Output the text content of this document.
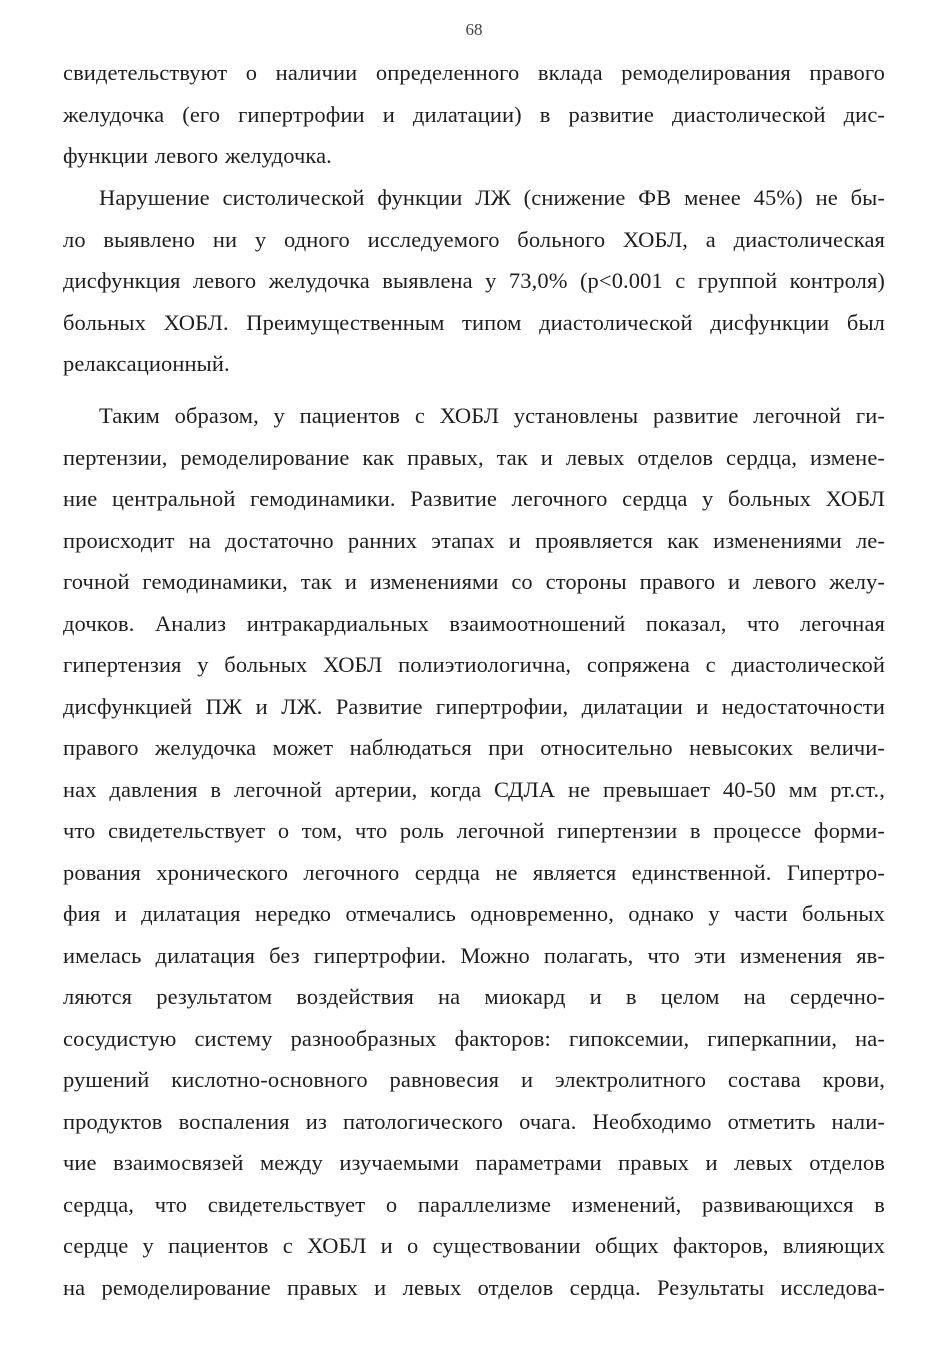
68
свидетельствуют о наличии определенного вклада ремоделирования правого
желудочка (его гипертрофии и дилатации) в развитие диастолической дис-
функции левого желудочка.
Нарушение систолической функции ЛЖ (снижение ФВ менее 45%) не бы-
ло выявлено ни у одного исследуемого больного ХОБЛ, а диастолическая
дисфункция левого желудочка выявлена у 73,0% (р<0.001 с группой контроля)
больных ХОБЛ. Преимущественным типом диастолической дисфункции был
релаксационный.
Таким образом, у пациентов с ХОБЛ установлены развитие легочной ги-
пертензии, ремоделирование как правых, так и левых отделов сердца, измене-
ние центральной гемодинамики. Развитие легочного сердца у больных ХОБЛ
происходит на достаточно ранних этапах и проявляется как изменениями ле-
гочной гемодинамики, так и изменениями со стороны правого и левого желу-
дочков. Анализ интракардиальных взаимоотношений показал, что легочная
гипертензия у больных ХОБЛ полиэтиологична, сопряжена с диастолической
дисфункцией ПЖ и ЛЖ. Развитие гипертрофии, дилатации и недостаточности
правого желудочка может наблюдаться при относительно невысоких величи-
нах давления в легочной артерии, когда СДЛА не превышает 40-50 мм рт.ст.,
что свидетельствует о том, что роль легочной гипертензии в процессе форми-
рования хронического легочного сердца не является единственной. Гипертро-
фия и дилатация нередко отмечались одновременно, однако у части больных
имелась дилатация без гипертрофии. Можно полагать, что эти изменения яв-
ляются результатом воздействия на миокард и в целом на сердечно-
сосудистую систему разнообразных факторов: гипоксемии, гиперкапнии, на-
рушений кислотно-основного равновесия и электролитного состава крови,
продуктов воспаления из патологического очага. Необходимо отметить нали-
чие взаимосвязей между изучаемыми параметрами правых и левых отделов
сердца, что свидетельствует о параллелизме изменений, развивающихся в
сердце у пациентов с ХОБЛ и о существовании общих факторов, влияющих
на ремоделирование правых и левых отделов сердца. Результаты исследова-
